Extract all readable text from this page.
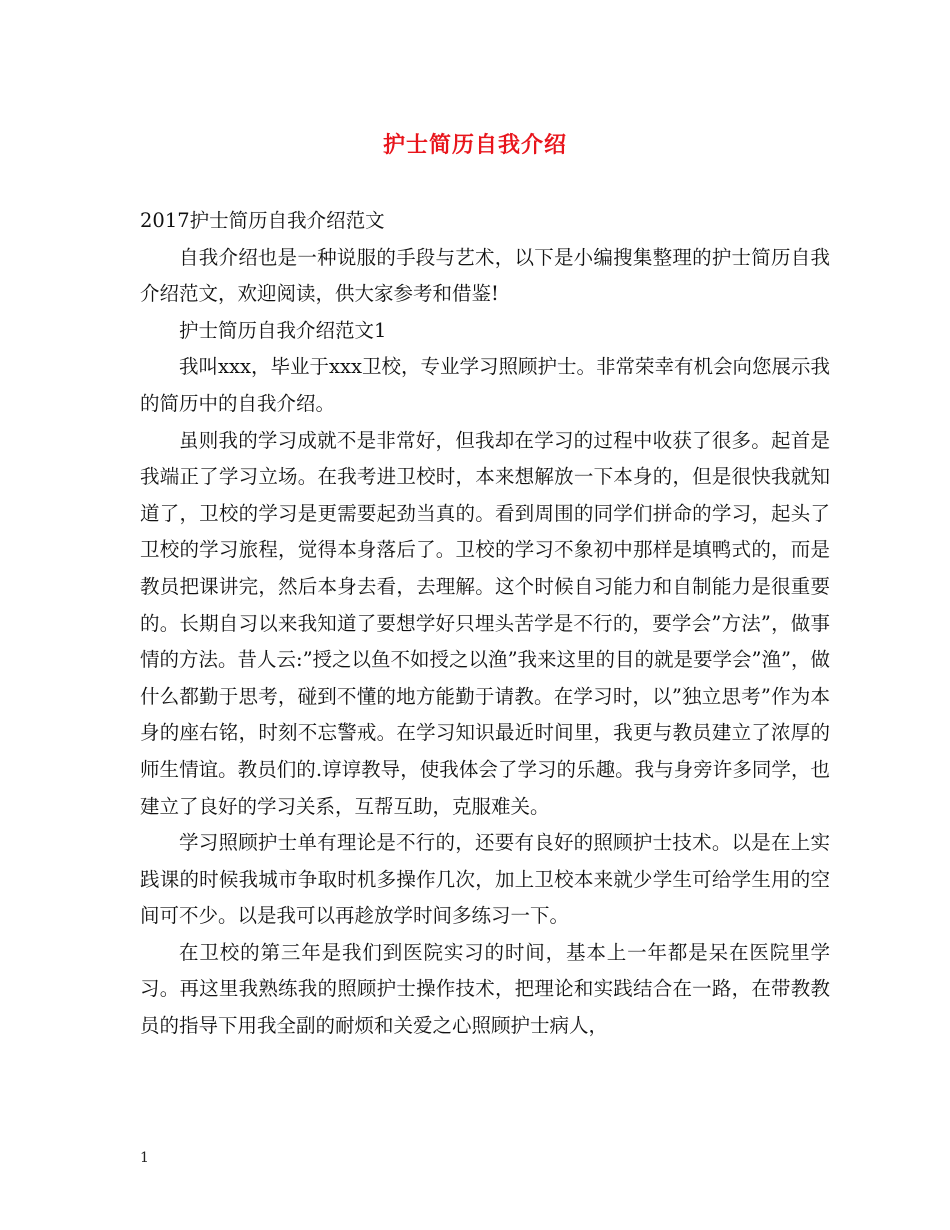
护士简历自我介绍

2017护士简历自我介绍范文

自我介绍也是一种说服的手段与艺术，以下是小编搜集整理的护士简历自我介绍范文，欢迎阅读，供大家参考和借鉴!

护士简历自我介绍范文1

我叫xxx，毕业于xxx卫校，专业学习照顾护士。非常荣幸有机会向您展示我的简历中的自我介绍。

虽则我的学习成就不是非常好，但我却在学习的过程中收获了很多。起首是我端正了学习立场。在我考进卫校时，本来想解放一下本身的，但是很快我就知道了，卫校的学习是更需要起劲当真的。看到周围的同学们拼命的学习，起头了卫校的学习旅程，觉得本身落后了。卫校的学习不象初中那样是填鸭式的，而是教员把课讲完，然后本身去看，去理解。这个时候自习能力和自制能力是很重要的。长期自习以来我知道了要想学好只埋头苦学是不行的，要学会”方法”，做事情的方法。昔人云:”授之以鱼不如授之以渔”我来这里的目的就是要学会”渔”，做什么都勤于思考，碰到不懂的地方能勤于请教。在学习时，以”独立思考”作为本身的座右铭，时刻不忘警戒。在学习知识最近时间里，我更与教员建立了浓厚的师生情谊。教员们的.谆谆教导，使我体会了学习的乐趣。我与身旁许多同学，也建立了良好的学习关系，互帮互助，克服难关。

学习照顾护士单有理论是不行的，还要有良好的照顾护士技术。以是在上实践课的时候我城市争取时机多操作几次，加上卫校本来就少学生可给学生用的空间可不少。以是我可以再趁放学时间多练习一下。

在卫校的第三年是我们到医院实习的时间，基本上一年都是呆在医院里学习。再这里我熟练我的照顾护士操作技术，把理论和实践结合在一路，在带教教员的指导下用我全副的耐烦和关爱之心照顾护士病人，

1
